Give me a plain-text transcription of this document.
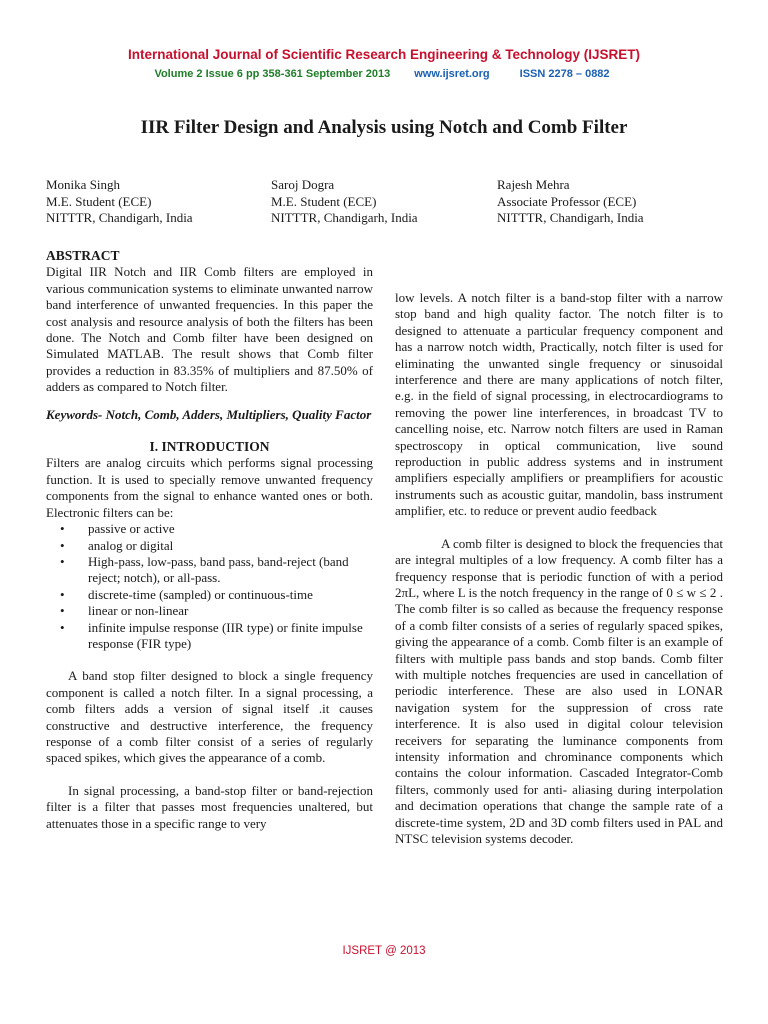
International Journal of Scientific Research Engineering & Technology (IJSRET)
Volume 2 Issue 6 pp 358-361 September 2013 www.ijsret.org	ISSN 2278 – 0882
IIR Filter Design and Analysis using Notch and Comb Filter
Monika Singh
M.E. Student (ECE)
NITTTR, Chandigarh, India
Saroj Dogra
M.E. Student (ECE)
NITTTR, Chandigarh, India
Rajesh Mehra
Associate Professor (ECE)
NITTTR, Chandigarh, India
ABSTRACT

Digital IIR Notch and IIR Comb filters are employed in various communication systems to eliminate unwanted narrow band interference of unwanted frequencies. In this paper the cost analysis and resource analysis of both the filters has been done. The Notch and Comb filter have been designed on Simulated MATLAB. The result shows that Comb filter provides a reduction in 83.35% of multipliers and 87.50% of adders as compared to Notch filter.

Keywords- Notch, Comb, Adders, Multipliers, Quality Factor

I. INTRODUCTION

Filters are analog circuits which performs signal processing function. It is used to specially remove unwanted frequency components from the signal to enhance wanted ones or both. Electronic filters can be:

• passive or active
• analog or digital
• High-pass, low-pass, band pass, band-reject (band reject; notch), or all-pass.
• discrete-time (sampled) or continuous-time
• linear or non-linear
• infinite impulse response (IIR type) or finite impulse response (FIR type)

A band stop filter designed to block a single frequency component is called a notch filter. In a signal processing, a comb filters adds a version of signal itself .it causes constructive and destructive interference, the frequency response of a comb filter consist of a series of regularly spaced spikes, which gives the appearance of a comb.

In signal processing, a band-stop filter or band-rejection filter is a filter that passes most frequencies unaltered, but attenuates those in a specific range to very

low levels. A notch filter is a band-stop filter with a narrow stop band and high quality factor. The notch filter is to designed to attenuate a particular frequency component and has a narrow notch width, Practically, notch filter is used for eliminating the unwanted single frequency or sinusoidal interference and there are many applications of notch filter, e.g. in the field of signal processing, in electrocardiograms to removing the power line interferences, in broadcast TV to cancelling noise, etc. Narrow notch filters are used in Raman spectroscopy in optical communication, live sound reproduction in public address systems and in instrument amplifiers especially amplifiers or preamplifiers for acoustic instruments such as acoustic guitar, mandolin, bass instrument amplifier, etc. to reduce or prevent audio feedback

A comb filter is designed to block the frequencies that are integral multiples of a low frequency. A comb filter has a frequency response that is periodic function of with a period 2πL, where L is the notch frequency in the range of 0 ≤ w ≤ 2 . The comb filter is so called as because the frequency response of a comb filter consists of a series of regularly spaced spikes, giving the appearance of a comb. Comb filter is an example of filters with multiple pass bands and stop bands. Comb filter with multiple notches frequencies are used in cancellation of periodic interference. These are also used in LONAR navigation system for the suppression of cross rate interference. It is also used in digital colour television receivers for separating the luminance components from intensity information and chrominance components which contains the colour information. Cascaded Integrator-Comb filters, commonly used for anti- aliasing during interpolation and decimation operations that change the sample rate of a discrete-time system, 2D and 3D comb filters used in PAL and NTSC television systems decoder.

IJSRET @ 2013
